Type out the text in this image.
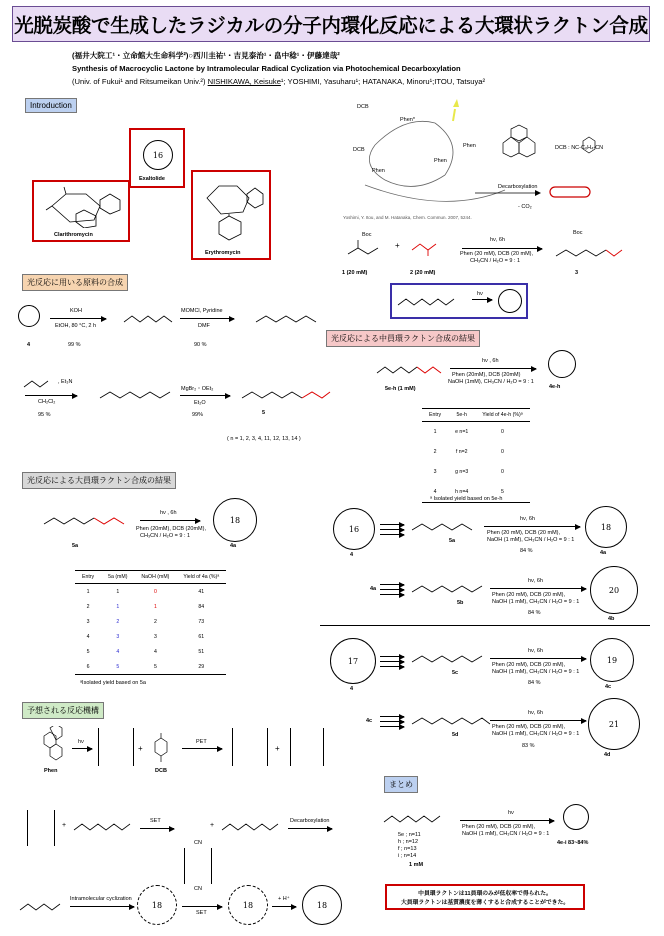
光脱炭酸で生成したラジカルの分子内環化反応による大環状ラクトン合成
(福井大院工¹・立命館大生命科学²)○西川圭祐¹・吉見泰治¹・畠中稔¹・伊藤達哉²
Synthesis of Macrocyclic Lactone by Intramolecular Radical Cyclization via Photochemical Decarboxylation
(Univ. of Fukui¹ and Ritsumeikan Univ.²) NISHIKAWA, Keisuke¹; YOSHIMI, Yasuharu¹; HATANAKA, Minoru¹;ITOU, Tatsuya²
Introduction
16
Exaltolide
Clarithromycin
Erythromycin
DCB
Phen*
DCB
Phen
Phen
Phen	DCB : NC-C₆H₄-CN
Decarboxylation
- CO₂
Yoshimi, Y. Itou, and M. Hatanaka, Chem. Commun. 2007, 5244.
Boc
+
hν, 6h
Phen (20 mM), DCB (20 mM),
CH₃CN / H₂O = 9 : 1
Boc
1 (20 mM)	2 (20 mM)	3
hν
光反応に用いる原料の合成
4
KOH
EtOH, 80 °C, 2 h
99 %
MOMCl, Pyridine
DMF
90 %
, Et₃N
CH₂Cl₂
95 %
MgBr₂・OEt₂
Et₂O
99%	5
( n = 1, 2, 3, 4, 11, 12, 13, 14 )
光反応による大員環ラクトン合成の結果
5a
hν , 6h
Phen (20mM), DCB (20mM),
CH₃CN / H₂O = 9 : 1
18
4a
Entry	5a (mM)	NaOH (mM)	Yield of 4a (%)ᵃ
1	1	0	41
2	1	1	84
3	2	2	73
4	3	3	61
5	4	4	51
6	5	5	29
ᵃIsolated yield based on 5a
予想される反応機構
Phen
hν
+
DCB
PET
+
+
SET
+
Decarboxylation
Intramolecular cyclization
18
CN
CN
SET
18
+ H⁺
18
光反応による中員環ラクトン合成の結果
5e-h (1 mM)
hν , 6h
Phen (20mM), DCB (20mM)
NaOH (1mM), CH₃CN / H₂O = 9 : 1
4e-h
Entry	5e-h	Yield of 4e-h (%)ᵃ
1	e n=1	0
2	f n=2	0
3	g n=3	0
4	h n=4	5
ᵃ Isolated yield based on 5e-h
16
4
5a
hν, 6h
Phen (20 mM), DCB (20 mM),
NaOH (1 mM), CH₃CN / H₂O = 9 : 1
84 %
18
4a
4a
5b
hν, 6h
Phen (20 mM), DCB (20 mM),
NaOH (1 mM), CH₃CN / H₂O = 9 : 1
84 %
20
4b
17
4
5c
hν, 6h
Phen (20 mM), DCB (20 mM),
NaOH (1 mM), CH₃CN / H₂O = 9 : 1
84 %
19
4c
4c
5d
hν, 6h
Phen (20 mM), DCB (20 mM),
NaOH (1 mM), CH₃CN / H₂O = 9 : 1
83 %
21
4d
まとめ
5e ; n=11
h ; n=12
f ; n=13
i ; n=14
1 mM
hν
Phen (20 mM), DCB (20 mM),
NaOH (1 mM), CH₃CN / H₂O = 9 : 1
4e-i 83~84%
中員環ラクトンは11員環のみが低収率で得られた。
大員環ラクトンは基質濃度を薄くすると合成することができた。
